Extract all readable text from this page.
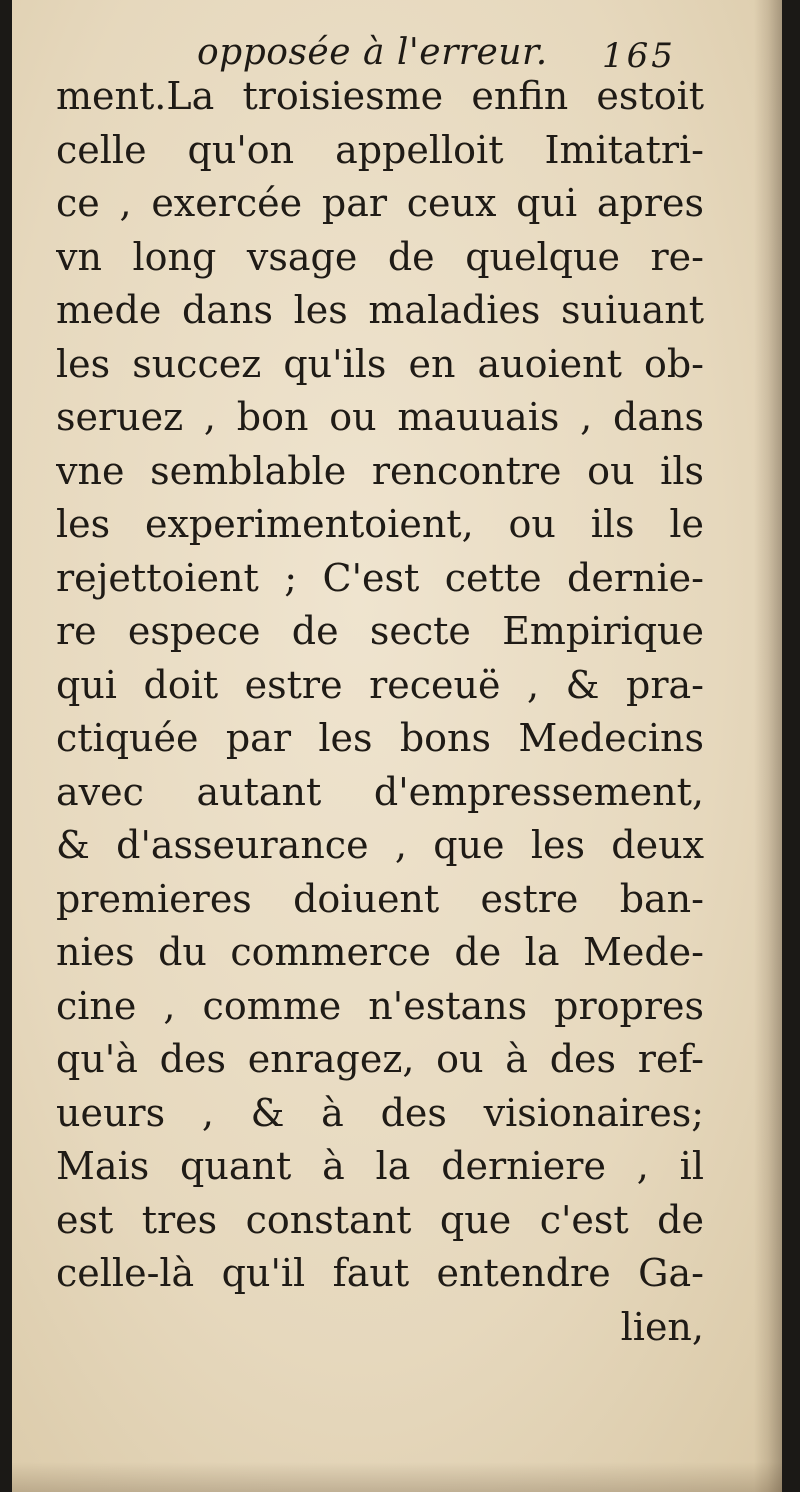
opposée à l'erreur. 165
ment.La troisiesme enfin estoit
celle qu'on appelloit Imitatri-
ce , exercée par ceux qui apres
vn long vsage de quelque re-
mede dans les maladies suiuant
les succez qu'ils en auoient ob-
seruez , bon ou mauuais , dans
vne semblable rencontre ou ils
les experimentoient, ou ils le
rejettoient ; C'est cette dernie-
re espece de secte Empirique
qui doit estre receuë , & pra-
ctiquée par les bons Medecins
avec autant d'empressement,
& d'asseurance , que les deux
premieres doiuent estre ban-
nies du commerce de la Mede-
cine , comme n'estans propres
qu'à des enragez, ou à des ref-
ueurs , & à des visionaires;
Mais quant à la derniere , il
est tres constant que c'est de
celle-là qu'il faut entendre Ga-
lien,
